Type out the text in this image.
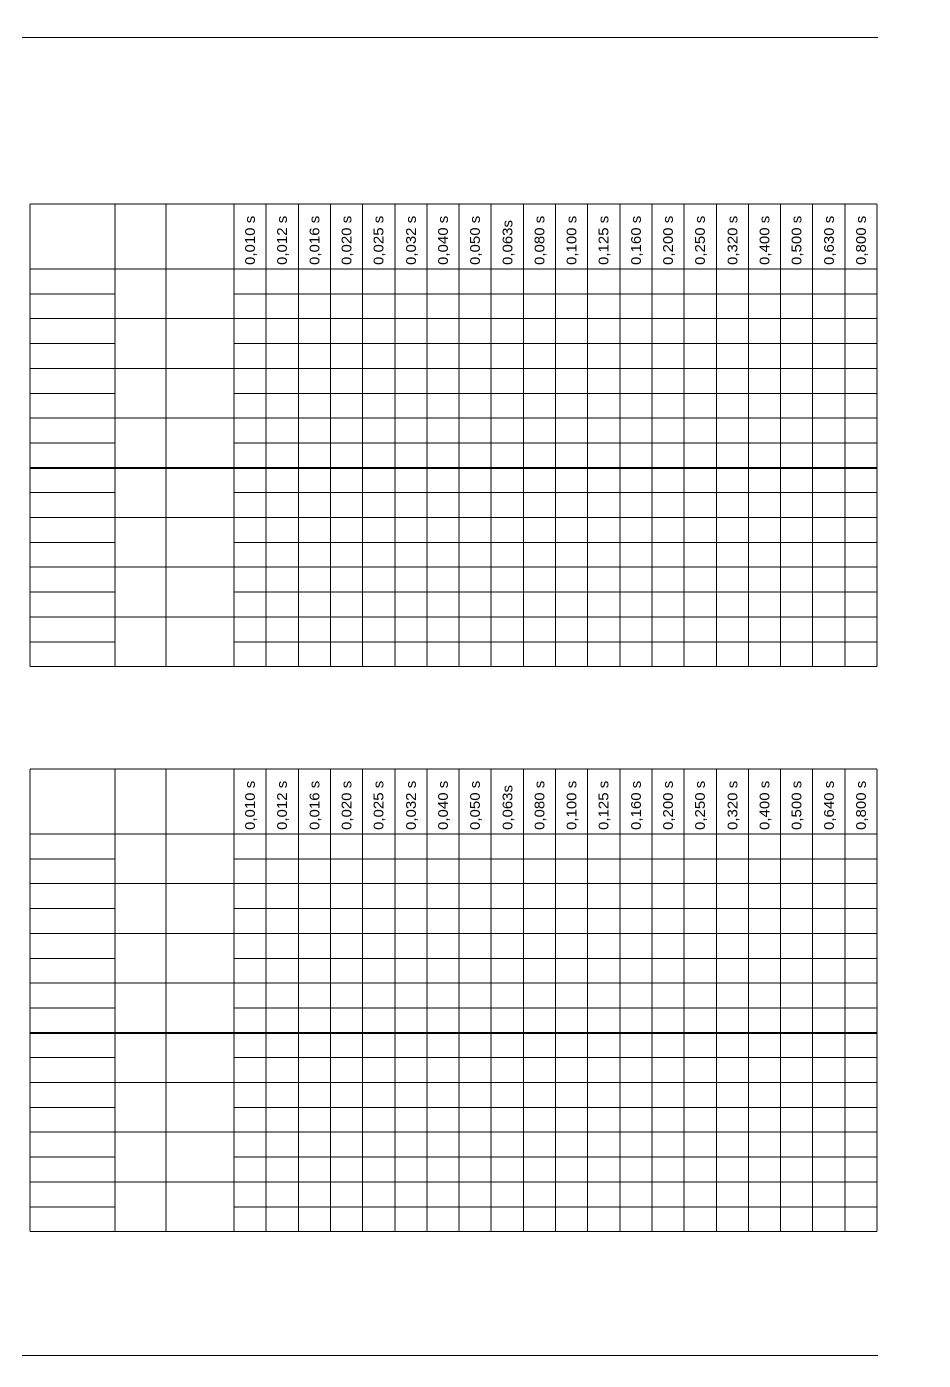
0,010 s 0,012 s 0,016 s 0,020 s 0,025 s 0,032 s 0,040 s 0,050 s 0,063s 0,080 s 0,100 s 0,125 s 0,160 s 0,200 s 0,250 s 0,320 s 0,400 s 0,500 s 0,630 s 0,800 s
0,010 s 0,012 s 0,016 s 0,020 s 0,025 s 0,032 s 0,040 s 0,050 s 0,063s 0,080 s 0,100 s 0,125 s 0,160 s 0,200 s 0,250 s 0,320 s 0,400 s 0,500 s 0,640 s 0,800 s
